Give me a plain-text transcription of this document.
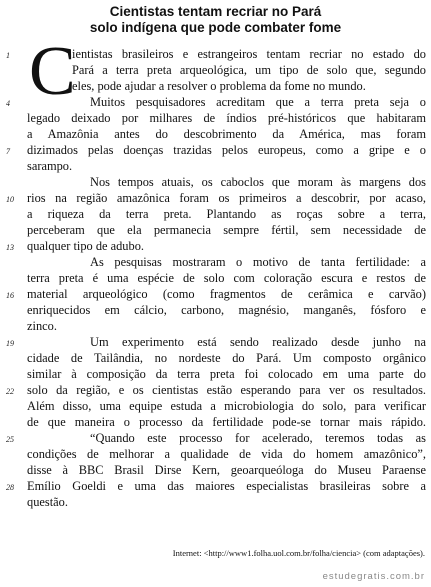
Cientistas tentam recriar no Pará
solo indígena que pode combater fome
C
ientistas brasileiros e estrangeiros tentam recriar no estado do
Pará a terra preta arqueológica, um tipo de solo que, segundo
eles, pode ajudar a resolver o problema da fome no mundo.
Muitos pesquisadores acreditam que a terra preta seja o
legado deixado por milhares de índios pré-históricos que habitaram
a Amazônia antes do descobrimento da América, mas foram
dizimados pelas doenças trazidas pelos europeus, como a gripe e o
sarampo.
Nos tempos atuais, os caboclos que moram às margens dos
rios na região amazônica foram os primeiros a descobrir, por acaso,
a riqueza da terra preta. Plantando as roças sobre a terra,
perceberam que ela permanecia sempre fértil, sem necessidade de
qualquer tipo de adubo.
As pesquisas mostraram o motivo de tanta fertilidade: a
terra preta é uma espécie de solo com coloração escura e restos de
material arqueológico (como fragmentos de cerâmica e carvão)
enriquecidos em cálcio, carbono, magnésio, manganês, fósforo e
zinco.
Um experimento está sendo realizado desde junho na
cidade de Tailândia, no nordeste do Pará. Um composto orgânico
similar à composição da terra preta foi colocado em uma parte do
solo da região, e os cientistas estão esperando para ver os resultados.
Além disso, uma equipe estuda a microbiologia do solo, para verificar
de que maneira o processo da fertilidade pode-se tornar mais rápido.
“Quando este processo for acelerado, teremos todas as
condições de melhorar a qualidade de vida do homem amazônico”,
disse à BBC Brasil Dirse Kern, geoarqueóloga do Museu Paraense
Emílio Goeldi e uma das maiores especialistas brasileiras sobre a
questão.
1
4
7
10
13
16
19
22
25
28
Internet: <http://www1.folha.uol.com.br/folha/ciencia> (com adaptações).
estudegratis.com.br
